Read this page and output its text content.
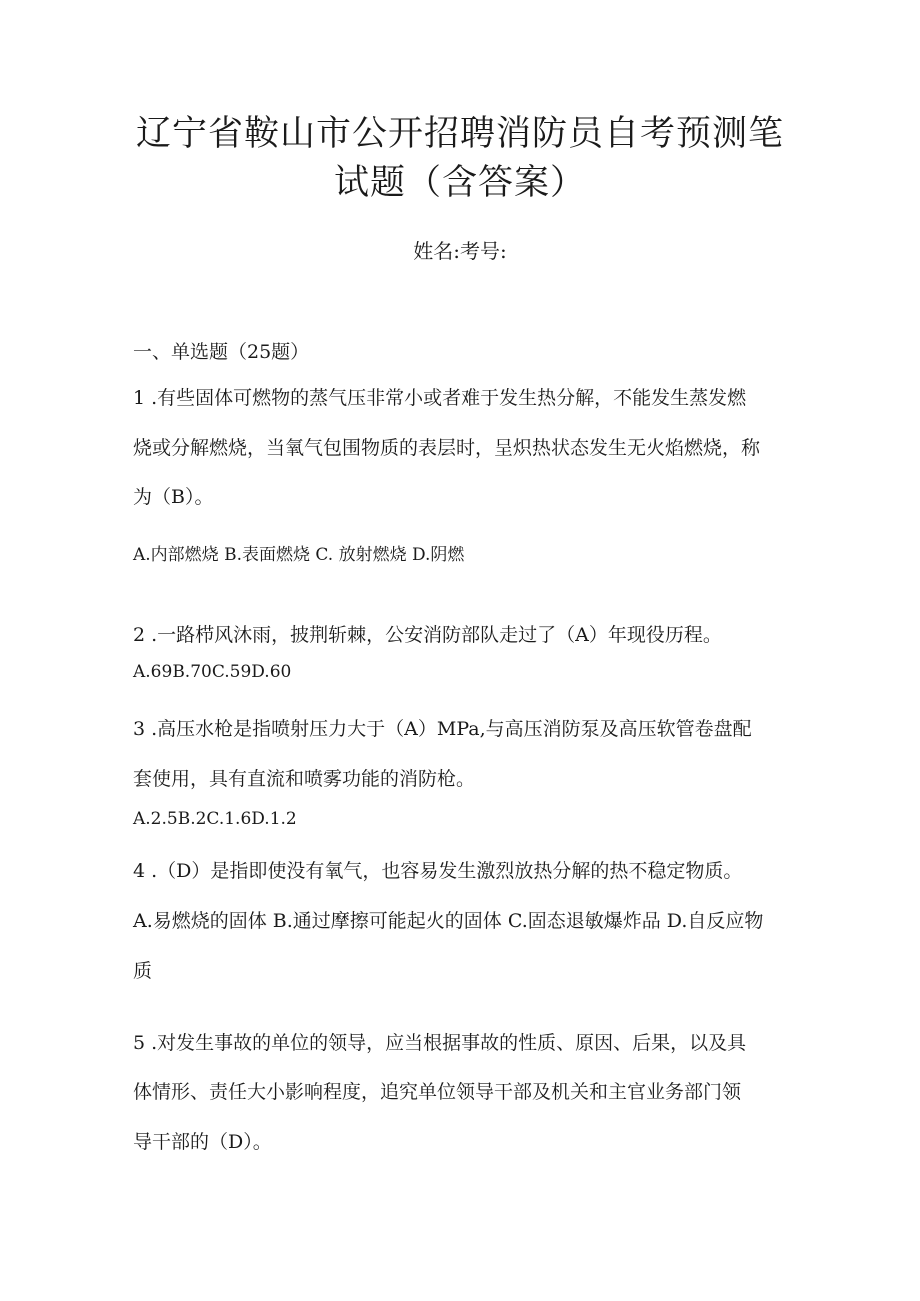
辽宁省鞍山市公开招聘消防员自考预测笔
试题（含答案）
姓名:考号:
一、单选题（25题）
1 .有些固体可燃物的蒸气压非常小或者难于发生热分解，不能发生蒸发燃
烧或分解燃烧，当氧气包围物质的表层时，呈炽热状态发生无火焰燃烧，称
为（B）。
A.内部燃烧 B.表面燃烧 C. 放射燃烧 D.阴燃
2 .一路栉风沐雨，披荆斩棘，公安消防部队走过了（A）年现役历程。
A.69B.70C.59D.60
3 .高压水枪是指喷射压力大于（A）MPa,与高压消防泵及高压软管卷盘配
套使用，具有直流和喷雾功能的消防枪。
A.2.5B.2C.1.6D.1.2
4 .（D）是指即使没有氧气，也容易发生激烈放热分解的热不稳定物质。
A.易燃烧的固体 B.通过摩擦可能起火的固体 C.固态退敏爆炸品 D.自反应物
质
5 .对发生事故的单位的领导，应当根据事故的性质、原因、后果，以及具
体情形、责任大小影响程度，追究单位领导干部及机关和主官业务部门领
导干部的（D）。
